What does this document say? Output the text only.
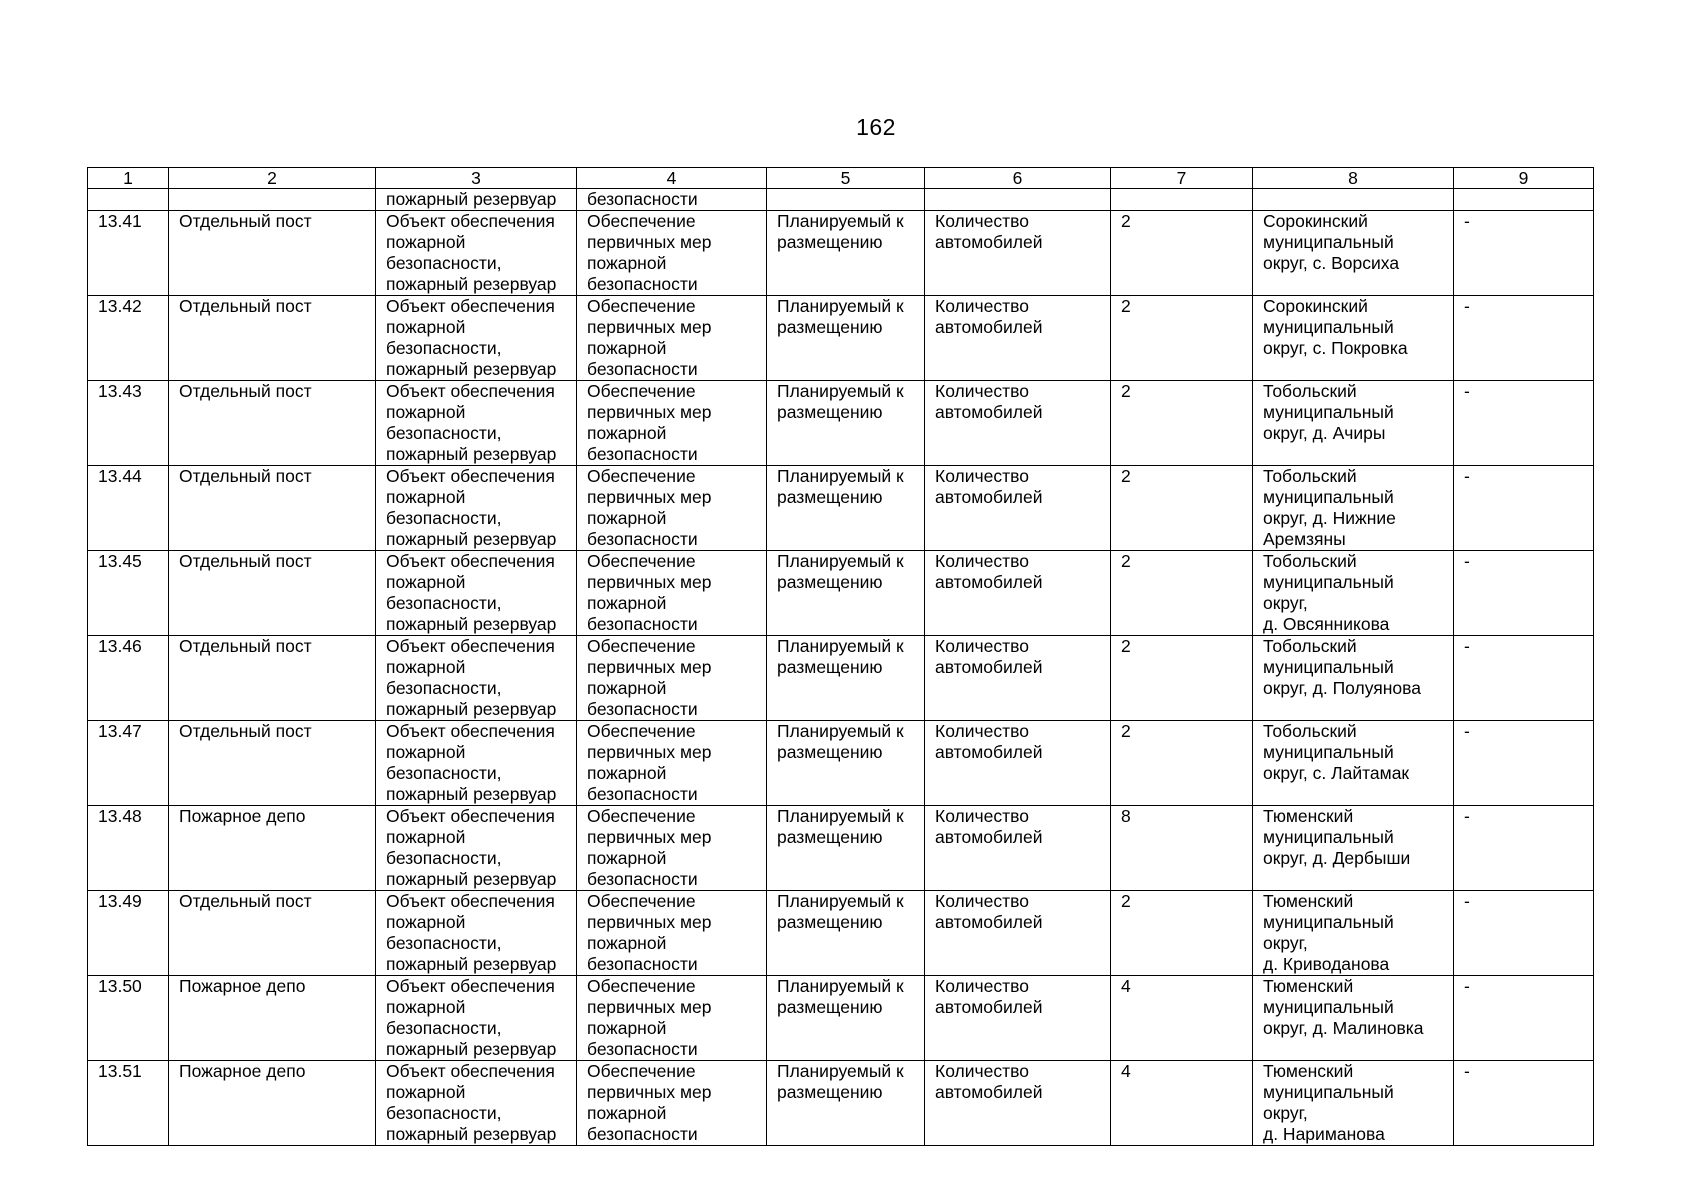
162
1	2	3	4	5	6	7	8	9
		пожарный резервуар	безопасности					
13.41	Отдельный пост	Объект обеспечения
пожарной
безопасности,
пожарный резервуар	Обеспечение
первичных мер
пожарной
безопасности	Планируемый к
размещению	Количество
автомобилей	2	Сорокинский
муниципальный
округ, с. Ворсиха	-
13.42	Отдельный пост	Объект обеспечения
пожарной
безопасности,
пожарный резервуар	Обеспечение
первичных мер
пожарной
безопасности	Планируемый к
размещению	Количество
автомобилей	2	Сорокинский
муниципальный
округ, с. Покровка	-
13.43	Отдельный пост	Объект обеспечения
пожарной
безопасности,
пожарный резервуар	Обеспечение
первичных мер
пожарной
безопасности	Планируемый к
размещению	Количество
автомобилей	2	Тобольский
муниципальный
округ, д. Ачиры	-
13.44	Отдельный пост	Объект обеспечения
пожарной
безопасности,
пожарный резервуар	Обеспечение
первичных мер
пожарной
безопасности	Планируемый к
размещению	Количество
автомобилей	2	Тобольский
муниципальный
округ, д. Нижние
Аремзяны	-
13.45	Отдельный пост	Объект обеспечения
пожарной
безопасности,
пожарный резервуар	Обеспечение
первичных мер
пожарной
безопасности	Планируемый к
размещению	Количество
автомобилей	2	Тобольский
муниципальный
округ,
д. Овсянникова	-
13.46	Отдельный пост	Объект обеспечения
пожарной
безопасности,
пожарный резервуар	Обеспечение
первичных мер
пожарной
безопасности	Планируемый к
размещению	Количество
автомобилей	2	Тобольский
муниципальный
округ, д. Полуянова	-
13.47	Отдельный пост	Объект обеспечения
пожарной
безопасности,
пожарный резервуар	Обеспечение
первичных мер
пожарной
безопасности	Планируемый к
размещению	Количество
автомобилей	2	Тобольский
муниципальный
округ, с. Лайтамак	-
13.48	Пожарное депо	Объект обеспечения
пожарной
безопасности,
пожарный резервуар	Обеспечение
первичных мер
пожарной
безопасности	Планируемый к
размещению	Количество
автомобилей	8	Тюменский
муниципальный
округ, д. Дербыши	-
13.49	Отдельный пост	Объект обеспечения
пожарной
безопасности,
пожарный резервуар	Обеспечение
первичных мер
пожарной
безопасности	Планируемый к
размещению	Количество
автомобилей	2	Тюменский
муниципальный
округ,
д. Криводанова	-
13.50	Пожарное депо	Объект обеспечения
пожарной
безопасности,
пожарный резервуар	Обеспечение
первичных мер
пожарной
безопасности	Планируемый к
размещению	Количество
автомобилей	4	Тюменский
муниципальный
округ, д. Малиновка	-
13.51	Пожарное депо	Объект обеспечения
пожарной
безопасности,
пожарный резервуар	Обеспечение
первичных мер
пожарной
безопасности	Планируемый к
размещению	Количество
автомобилей	4	Тюменский
муниципальный
округ,
д. Нариманова	-
